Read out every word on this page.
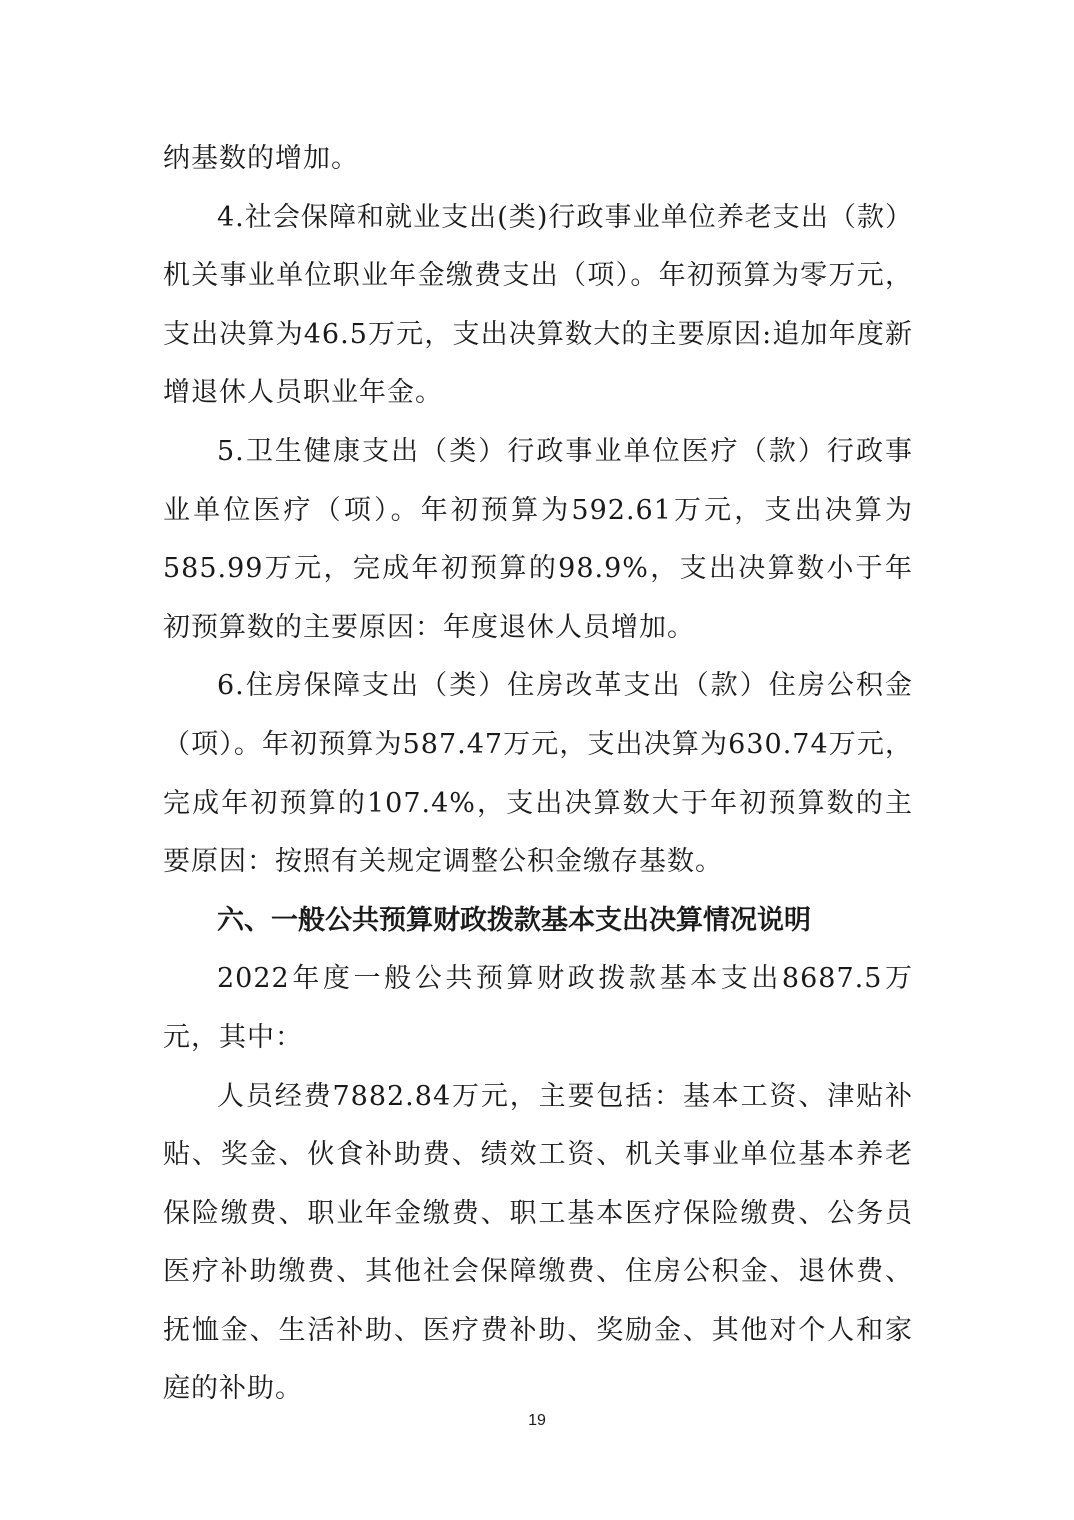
纳基数的增加。

4.社会保障和就业支出(类)行政事业单位养老支出（款）机关事业单位职业年金缴费支出（项）。年初预算为零万元，支出决算为46.5万元，支出决算数大的主要原因:追加年度新增退休人员职业年金。

5.卫生健康支出（类）行政事业单位医疗（款）行政事业单位医疗（项）。年初预算为592.61万元，支出决算为585.99万元，完成年初预算的98.9%，支出决算数小于年初预算数的主要原因：年度退休人员增加。

6.住房保障支出（类）住房改革支出（款）住房公积金（项）。年初预算为587.47万元，支出决算为630.74万元，完成年初预算的107.4%，支出决算数大于年初预算数的主要原因：按照有关规定调整公积金缴存基数。

六、一般公共预算财政拨款基本支出决算情况说明

2022年度一般公共预算财政拨款基本支出8687.5万元，其中：

人员经费7882.84万元，主要包括：基本工资、津贴补贴、奖金、伙食补助费、绩效工资、机关事业单位基本养老保险缴费、职业年金缴费、职工基本医疗保险缴费、公务员医疗补助缴费、其他社会保障缴费、住房公积金、退休费、抚恤金、生活补助、医疗费补助、奖励金、其他对个人和家庭的补助。

19
